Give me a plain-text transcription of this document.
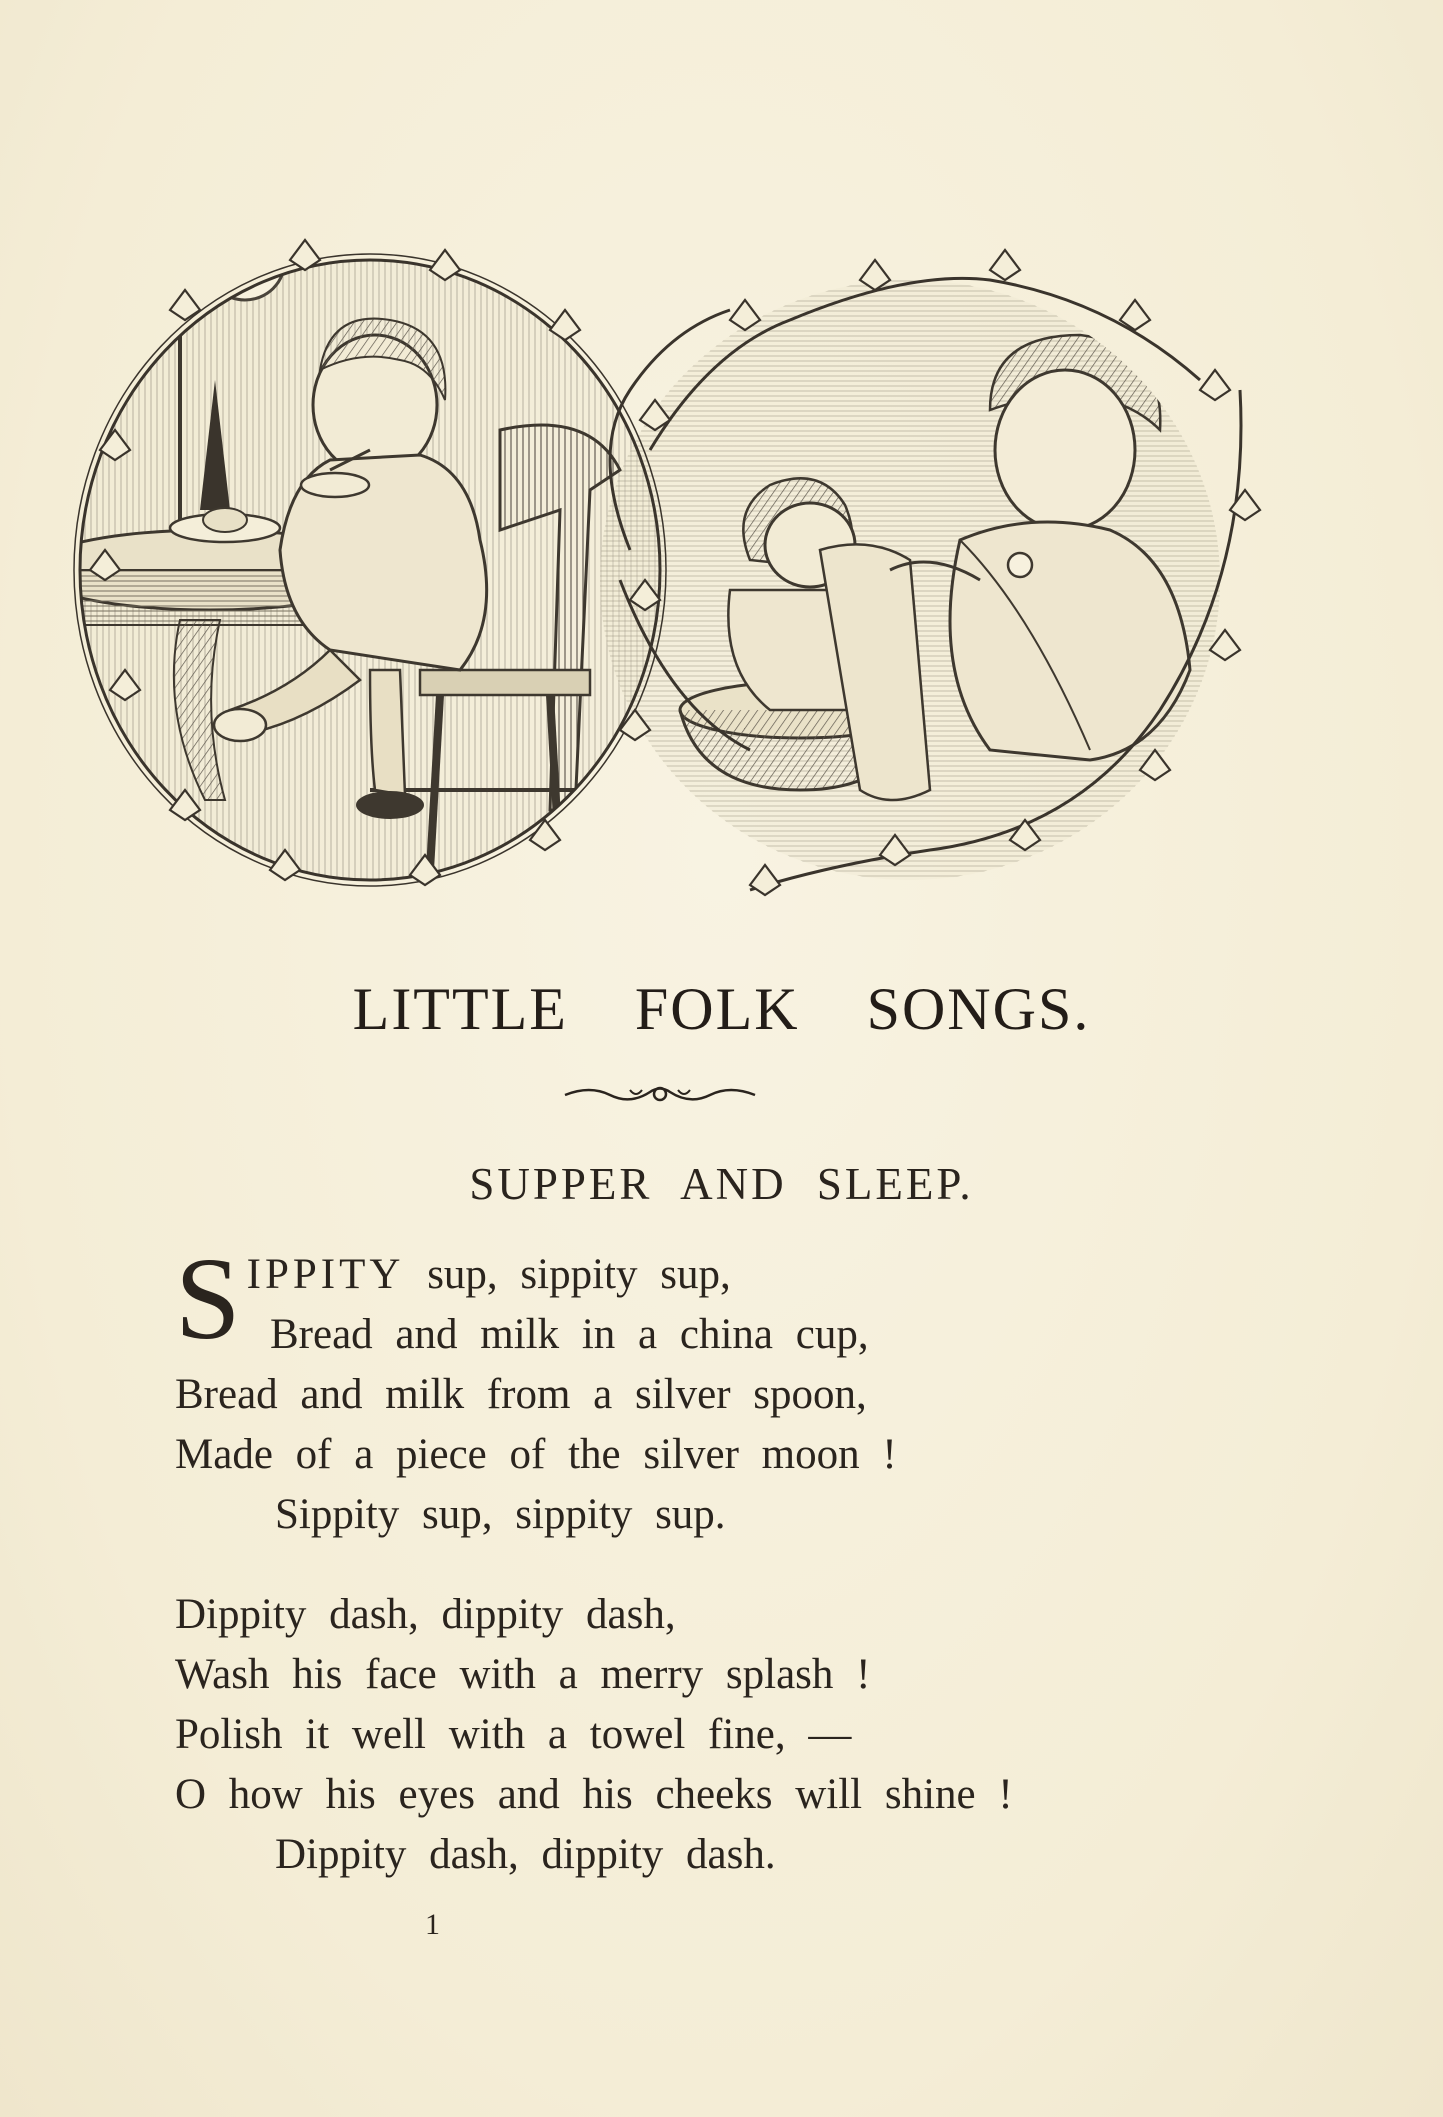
LITTLE FOLK SONGS.
SUPPER AND SLEEP.
S IPPITY sup, sippity sup,
Bread and milk in a china cup,
Bread and milk from a silver spoon,
Made of a piece of the silver moon !
Sippity sup, sippity sup.
Dippity dash, dippity dash,
Wash his face with a merry splash !
Polish it well with a towel fine, —
O how his eyes and his cheeks will shine !
Dippity dash, dippity dash.
1
